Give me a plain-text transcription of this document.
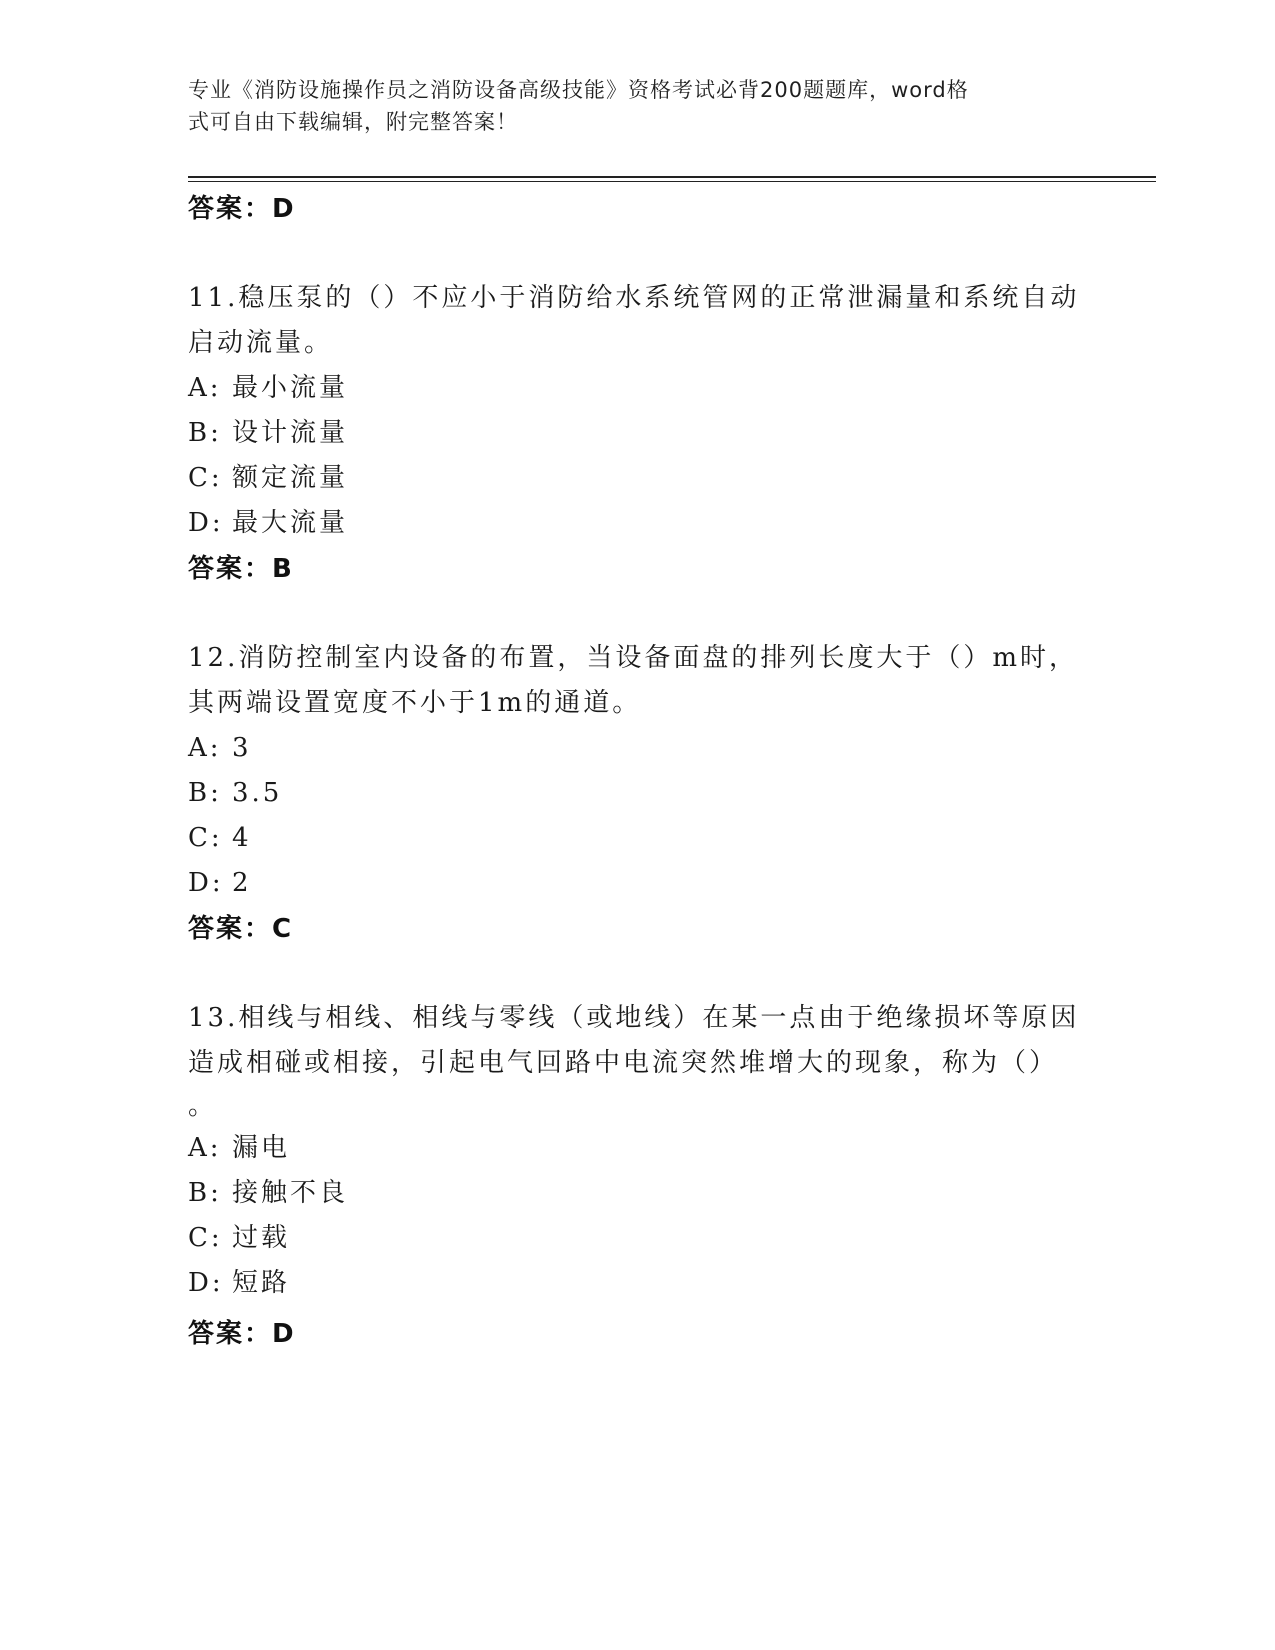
专业《消防设施操作员之消防设备高级技能》资格考试必背200题题库，word格
式可自由下载编辑，附完整答案！
答案：D

11.稳压泵的（）不应小于消防给水系统管网的正常泄漏量和系统自动

启动流量。

A: 最小流量
B: 设计流量
C: 额定流量
D: 最大流量
答案：B

12.消防控制室内设备的布置，当设备面盘的排列长度大于（）m时，

其两端设置宽度不小于1m的通道。

A: 3
B: 3.5
C: 4
D: 2
答案：C

13.相线与相线、相线与零线（或地线）在某一点由于绝缘损坏等原因

造成相碰或相接，引起电气回路中电流突然堆增大的现象，称为（）

。

A: 漏电
B: 接触不良
C: 过载
D: 短路
答案：D
